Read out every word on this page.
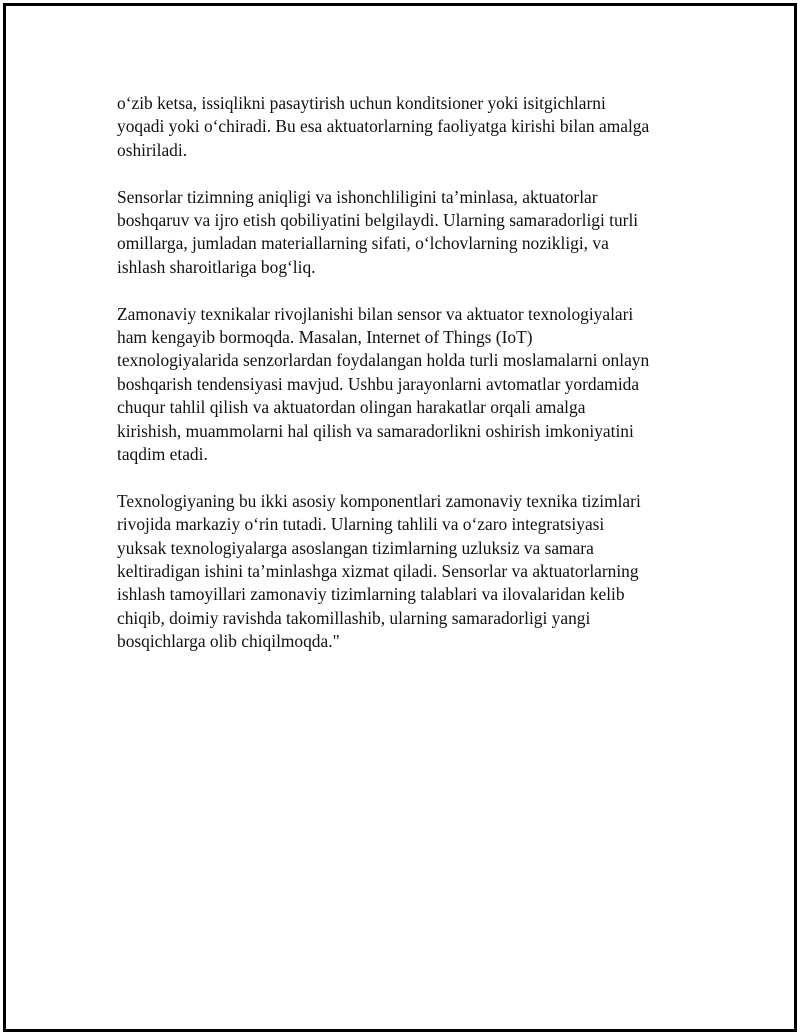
o‘zib ketsa, issiqlikni pasaytirish uchun konditsioner yoki isitgichlarni
yoqadi yoki o‘chiradi. Bu esa aktuatorlarning faoliyatga kirishi bilan amalga
oshiriladi.

Sensorlar tizimning aniqligi va ishonchliligini ta’minlasa, aktuatorlar
boshqaruv va ijro etish qobiliyatini belgilaydi. Ularning samaradorligi turli
omillarga, jumladan materiallarning sifati, o‘lchovlarning nozikligi, va
ishlash sharoitlariga bog‘liq.

Zamonaviy texnikalar rivojlanishi bilan sensor va aktuator texnologiyalari
ham kengayib bormoqda. Masalan, Internet of Things (IoT)
texnologiyalarida senzorlardan foydalangan holda turli moslamalarni onlayn
boshqarish tendensiyasi mavjud. Ushbu jarayonlarni avtomatlar yordamida
chuqur tahlil qilish va aktuatordan olingan harakatlar orqali amalga
kirishish, muammolarni hal qilish va samaradorlikni oshirish imkoniyatini
taqdim etadi.

Texnologiyaning bu ikki asosiy komponentlari zamonaviy texnika tizimlari
rivojida markaziy o‘rin tutadi. Ularning tahlili va o‘zaro integratsiyasi
yuksak texnologiyalarga asoslangan tizimlarning uzluksiz va samara
keltiradigan ishini ta’minlashga xizmat qiladi. Sensorlar va aktuatorlarning
ishlash tamoyillari zamonaviy tizimlarning talablari va ilovalaridan kelib
chiqib, doimiy ravishda takomillashib, ularning samaradorligi yangi
bosqichlarga olib chiqilmoqda."
